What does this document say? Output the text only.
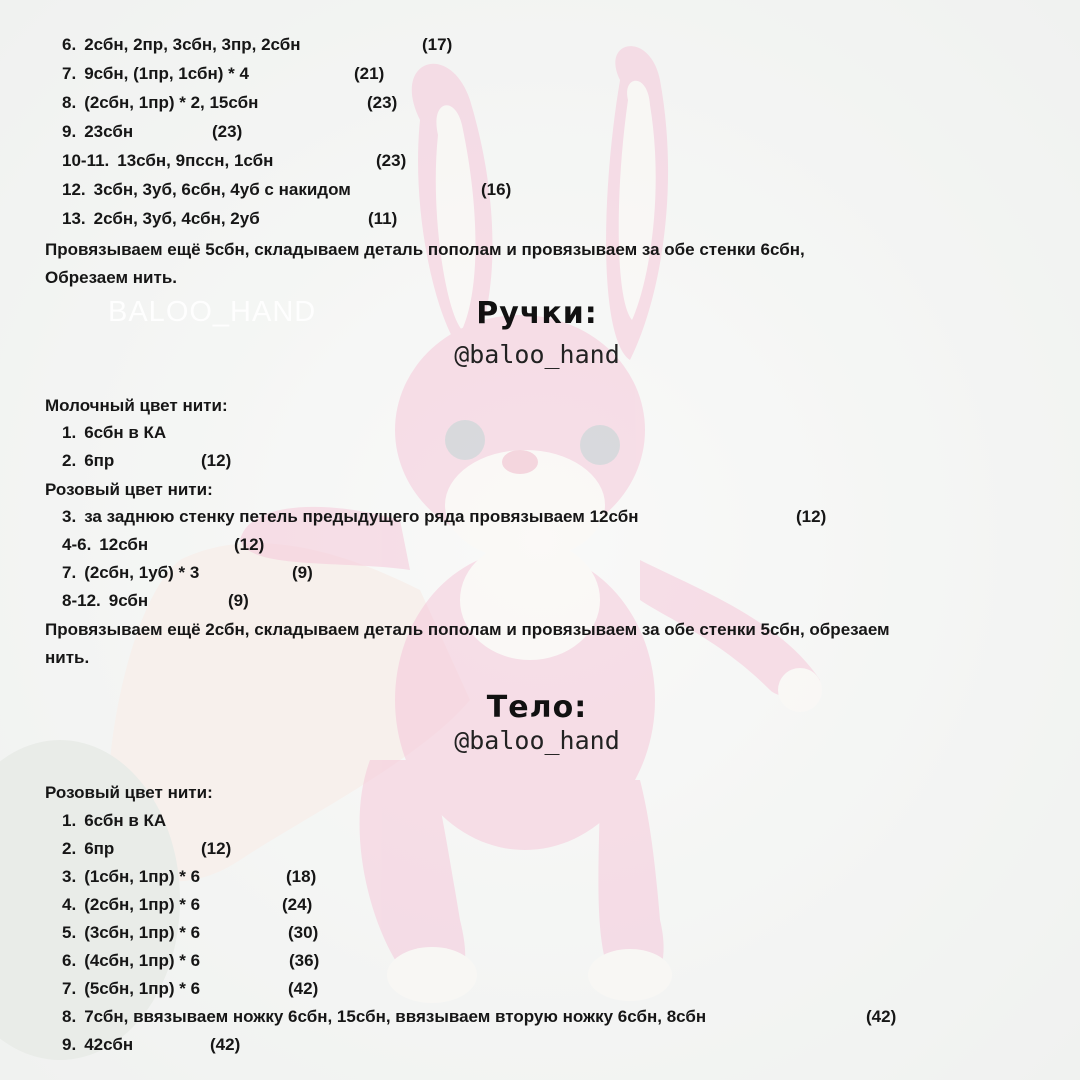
BALOO_HAND
6. 2сбн, 2пр, 3сбн, 3пр, 2сбн	(17)
7. 9сбн, (1пр, 1сбн) * 4	(21)
8. (2сбн, 1пр) * 2, 15сбн	(23)
9. 23сбн	(23)
10-11. 13сбн, 9пссн, 1сбн	(23)
12. 3сбн, 3уб, 6сбн, 4уб с накидом	(16)
13. 2сбн, 3уб, 4сбн, 2уб	(11)
Провязываем ещё 5сбн, складываем деталь пополам и провязываем за обе стенки 6сбн,
Обрезаем нить.
Ручки:
@baloo_hand
Молочный цвет нити:
1. 6сбн в КА
2. 6пр	(12)
Розовый цвет нити:
3. за заднюю стенку петель предыдущего ряда провязываем 12сбн	(12)
4-6. 12сбн	(12)
7. (2сбн, 1уб) * 3	(9)
8-12. 9сбн	(9)
Провязываем ещё 2сбн, складываем деталь пополам и провязываем за обе стенки 5сбн, обрезаем
нить.
Тело:
@baloo_hand
Розовый цвет нити:
1. 6сбн в КА
2. 6пр	(12)
3. (1сбн, 1пр) * 6	(18)
4. (2сбн, 1пр) * 6	(24)
5. (3сбн, 1пр) * 6	(30)
6. (4сбн, 1пр) * 6	(36)
7. (5сбн, 1пр) * 6	(42)
8. 7сбн, ввязываем ножку 6сбн, 15сбн, ввязываем вторую ножку 6сбн, 8сбн	(42)
9. 42сбн	(42)
